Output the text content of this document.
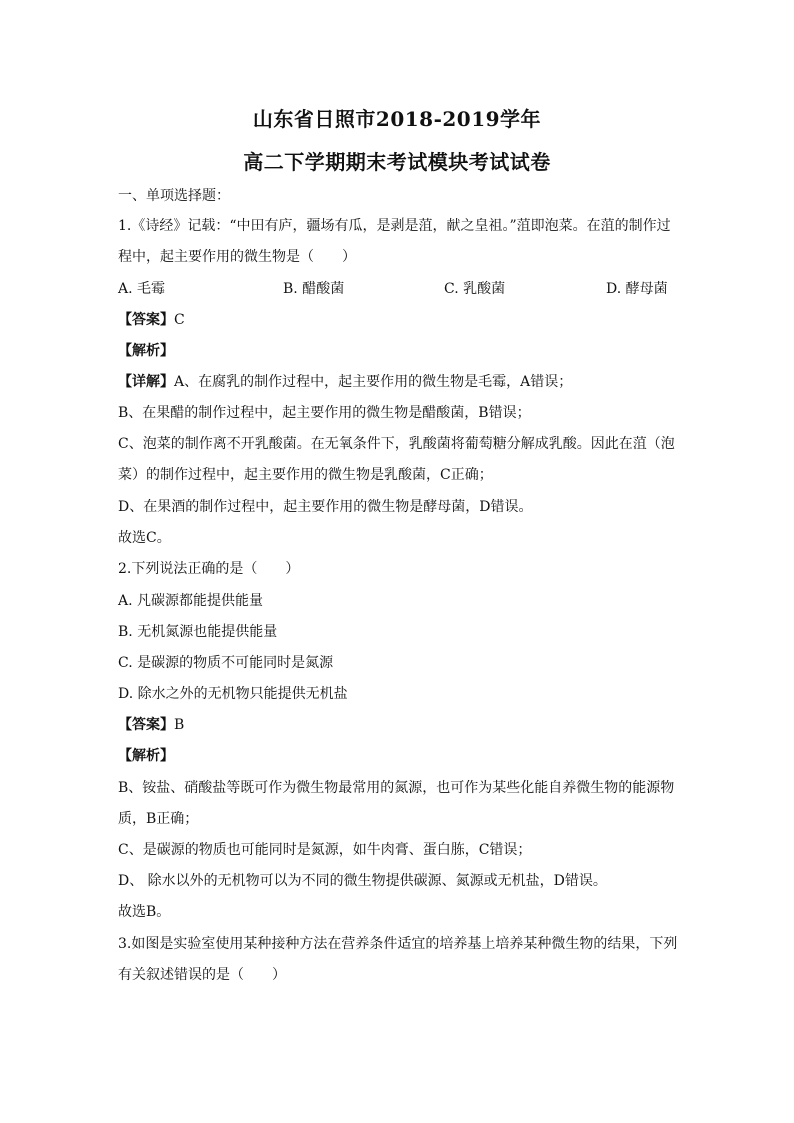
山东省日照市2018-2019学年
高二下学期期末考试模块考试试卷
一、单项选择题：
1.《诗经》记载：“中田有庐，疆场有瓜，是剥是菹，献之皇祖。”菹即泡菜。在菹的制作过
程中，起主要作用的微生物是（　　）
A. 毛霉	B. 醋酸菌	C. 乳酸菌	D. 酵母菌
【答案】C
【解析】
【详解】A、在腐乳的制作过程中，起主要作用的微生物是毛霉，A错误；
B、在果醋的制作过程中，起主要作用的微生物是醋酸菌，B错误；
C、泡菜的制作离不开乳酸菌。在无氧条件下，乳酸菌将葡萄糖分解成乳酸。因此在菹（泡
菜）的制作过程中，起主要作用的微生物是乳酸菌，C正确；
D、在果酒的制作过程中，起主要作用的微生物是酵母菌，D错误。
故选C。
2.下列说法正确的是（　　）
A. 凡碳源都能提供能量
B. 无机氮源也能提供能量
C. 是碳源的物质不可能同时是氮源
D. 除水之外的无机物只能提供无机盐
【答案】B
【解析】
B、铵盐、硝酸盐等既可作为微生物最常用的氮源，也可作为某些化能自养微生物的能源物
质，B正确；
C、是碳源的物质也可能同时是氮源，如牛肉膏、蛋白胨，C错误；
D、 除水以外的无机物可以为不同的微生物提供碳源、氮源或无机盐，D错误。
故选B。
3.如图是实验室使用某种接种方法在营养条件适宜的培养基上培养某种微生物的结果，下列
有关叙述错误的是（　　）
